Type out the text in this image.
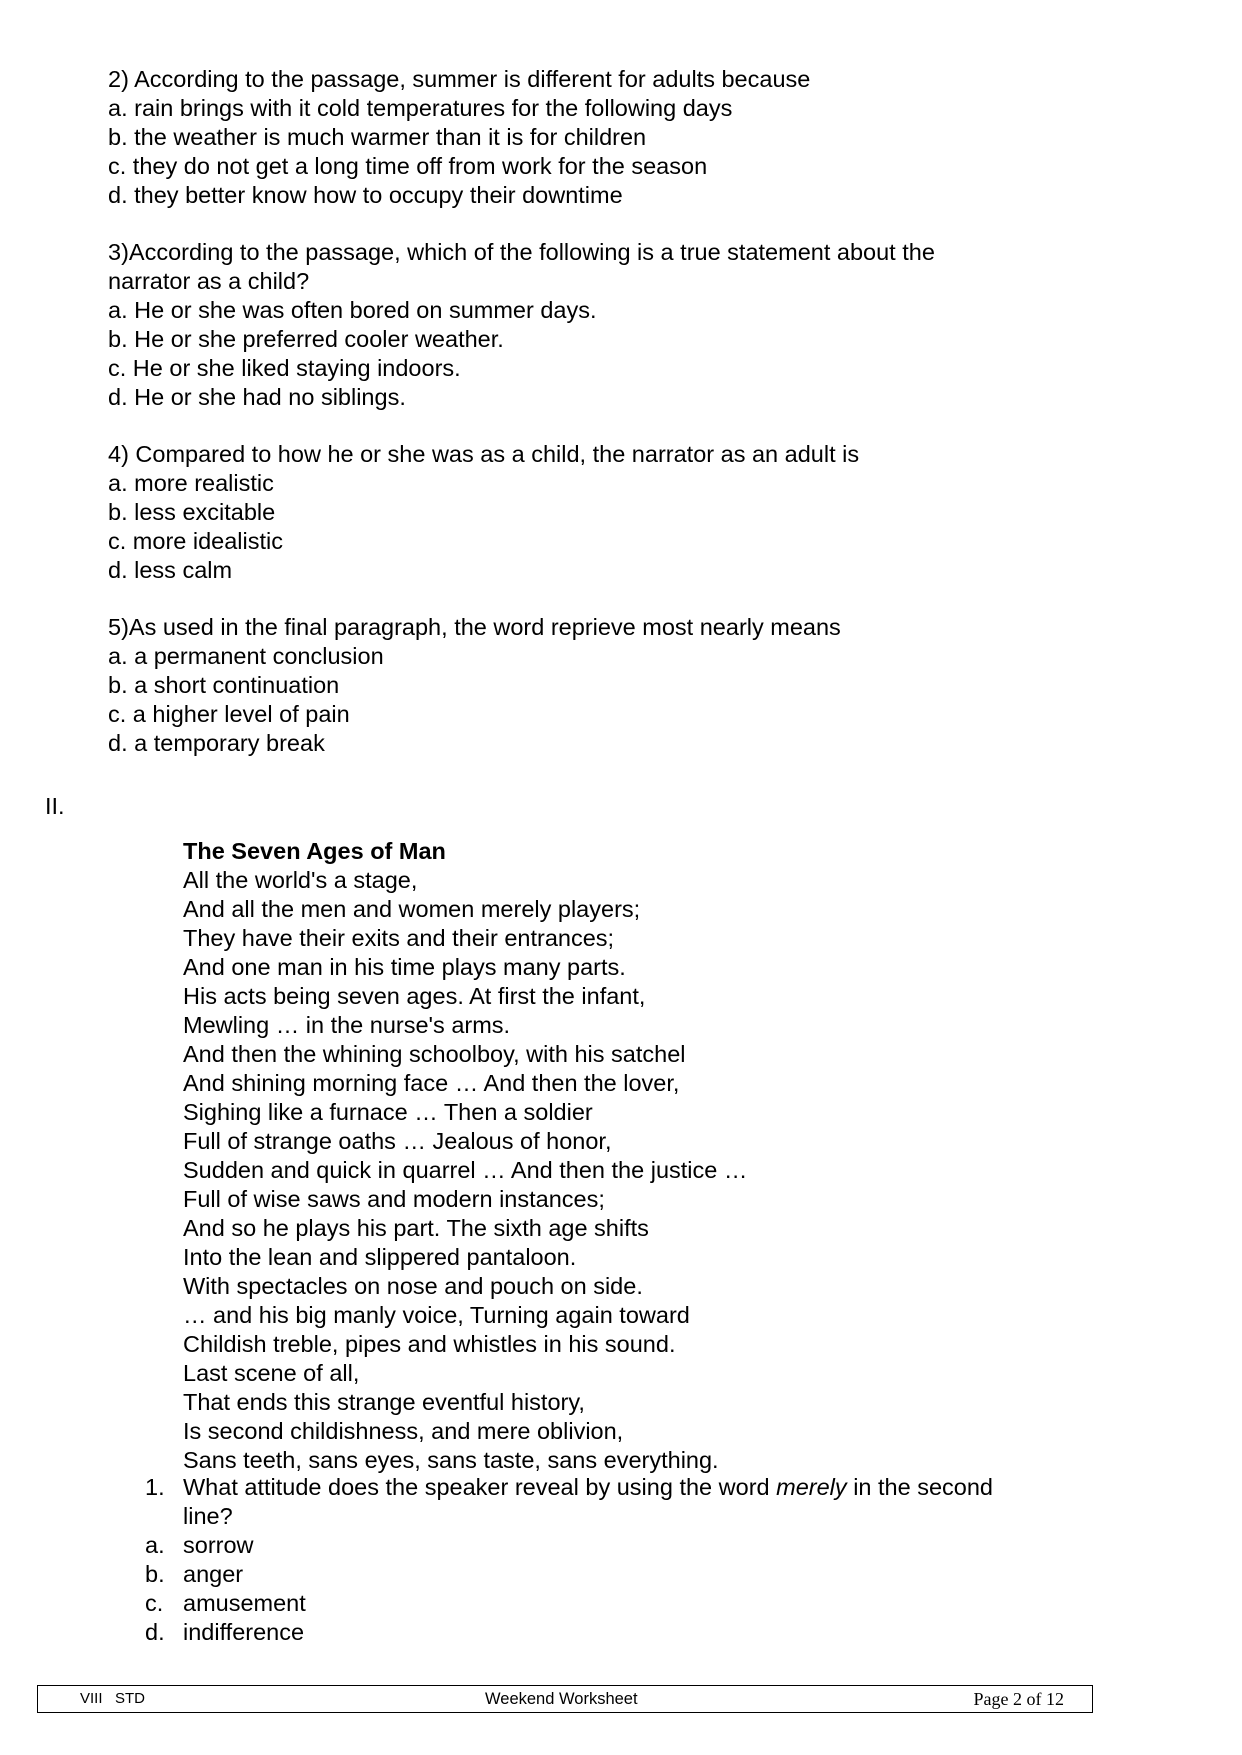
2) According to the passage, summer is different for adults because
a. rain brings with it cold temperatures for the following days
b. the weather is much warmer than it is for children
c. they do not get a long time off from work for the season
d. they better know how to occupy their downtime
3)According to the passage, which of the following is a true statement about the
narrator as a child?
a. He or she was often bored on summer days.
b. He or she preferred cooler weather.
c. He or she liked staying indoors.
d. He or she had no siblings.
4) Compared to how he or she was as a child, the narrator as an adult is
a. more realistic
b. less excitable
c. more idealistic
d. less calm
5)As used in the final paragraph, the word reprieve most nearly means
a. a permanent conclusion
b. a short continuation
c. a higher level of pain
d. a temporary break
II.
The Seven Ages of Man
All the world's a stage,
And all the men and women merely players;
They have their exits and their entrances;
And one man in his time plays many parts.
His acts being seven ages. At first the infant,
Mewling … in the nurse's arms.
And then the whining schoolboy, with his satchel
And shining morning face … And then the lover,
Sighing like a furnace … Then a soldier
Full of strange oaths … Jealous of honor,
Sudden and quick in quarrel … And then the justice …
Full of wise saws and modern instances;
And so he plays his part. The sixth age shifts
Into the lean and slippered pantaloon.
With spectacles on nose and pouch on side.
… and his big manly voice, Turning again toward
Childish treble, pipes and whistles in his sound.
Last scene of all,
That ends this strange eventful history,
Is second childishness, and mere oblivion,
Sans teeth, sans eyes, sans taste, sans everything.
1. What attitude does the speaker reveal by using the word merely in the second line?
a. sorrow
b. anger
c. amusement
d. indifference
VIII   STD	Weekend Worksheet	Page 2 of 12
